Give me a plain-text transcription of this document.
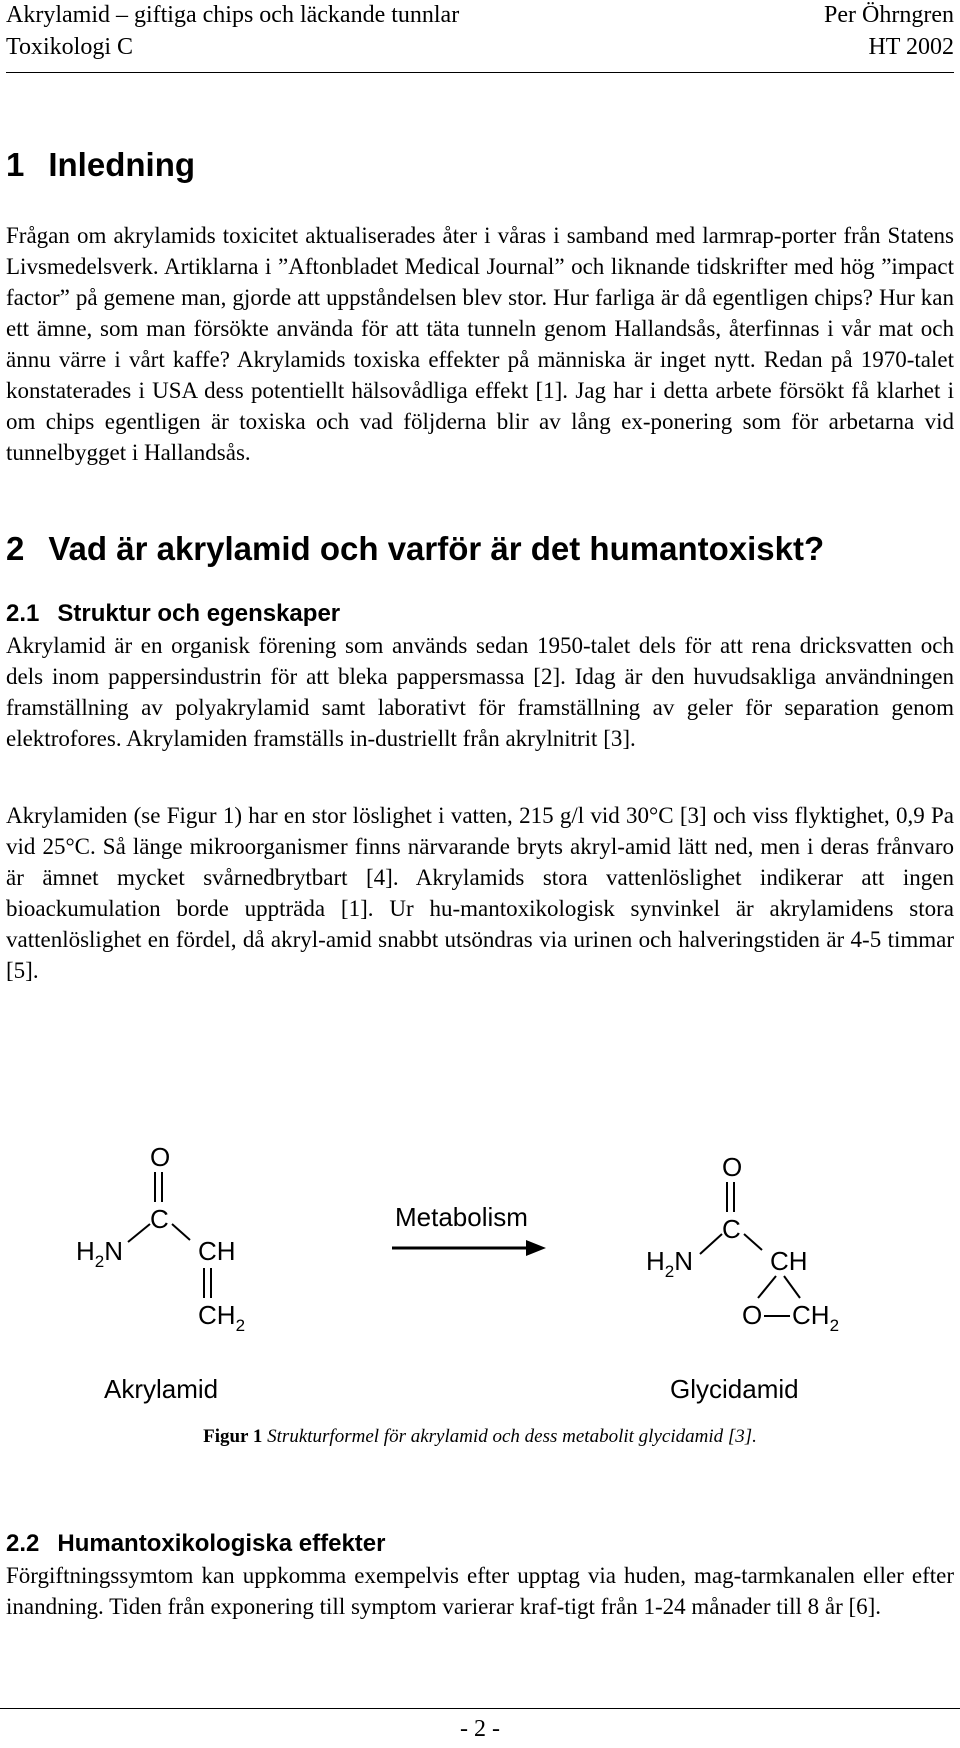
Akrylamid – giftiga chips och läckande tunnlar	Per Öhrngren
Toxikologi C	HT 2002
1 Inledning

Frågan om akrylamids toxicitet aktualiserades åter i våras i samband med larmrap-porter från Statens Livsmedelsverk. Artiklarna i ”Aftonbladet Medical Journal” och liknande tidskrifter med hög ”impact factor” på gemene man, gjorde att uppståndelsen blev stor. Hur farliga är då egentligen chips? Hur kan ett ämne, som man försökte använda för att täta tunneln genom Hallandsås, återfinnas i vår mat och ännu värre i vårt kaffe? Akrylamids toxiska effekter på människa är inget nytt. Redan på 1970-talet konstaterades i USA dess potentiellt hälsovådliga effekt [1]. Jag har i detta arbete försökt få klarhet i om chips egentligen är toxiska och vad följderna blir av lång ex-ponering som för arbetarna vid tunnelbygget i Hallandsås.

2 Vad är akrylamid och varför är det humantoxiskt?
2.1 Struktur och egenskaper

Akrylamid är en organisk förening som används sedan 1950-talet dels för att rena dricksvatten och dels inom pappersindustrin för att bleka pappersmassa [2]. Idag är den huvudsakliga användningen framställning av polyakrylamid samt laborativt för framställning av geler för separation genom elektrofores. Akrylamiden framställs in-dustriellt från akrylnitrit [3].

Akrylamiden (se Figur 1) har en stor löslighet i vatten, 215 g/l vid 30°C [3] och viss flyktighet, 0,9 Pa vid 25°C. Så länge mikroorganismer finns närvarande bryts akryl-amid lätt ned, men i deras frånvaro är ämnet mycket svårnedbrytbart [4]. Akrylamids stora vattenlöslighet indikerar att ingen bioackumulation borde uppträda [1]. Ur hu-mantoxikologisk synvinkel är akrylamidens stora vattenlöslighet en fördel, då akryl-amid snabbt utsöndras via urinen och halveringstiden är 4-5 timmar [5].

O
C
$H_2N$	CH
$CH_2$
Akrylamid
Metabolism
O
C
$H_2N$	CH
O $CH_2$
Glycidamid
Figur 1 Strukturformel för akrylamid och dess metabolit glycidamid [3].
2.2 Humantoxikologiska effekter

Förgiftningssymtom kan uppkomma exempelvis efter upptag via huden, mag-tarmkanalen eller efter inandning. Tiden från exponering till symptom varierar kraf-tigt från 1-24 månader till 8 år [6].

- 2 -
